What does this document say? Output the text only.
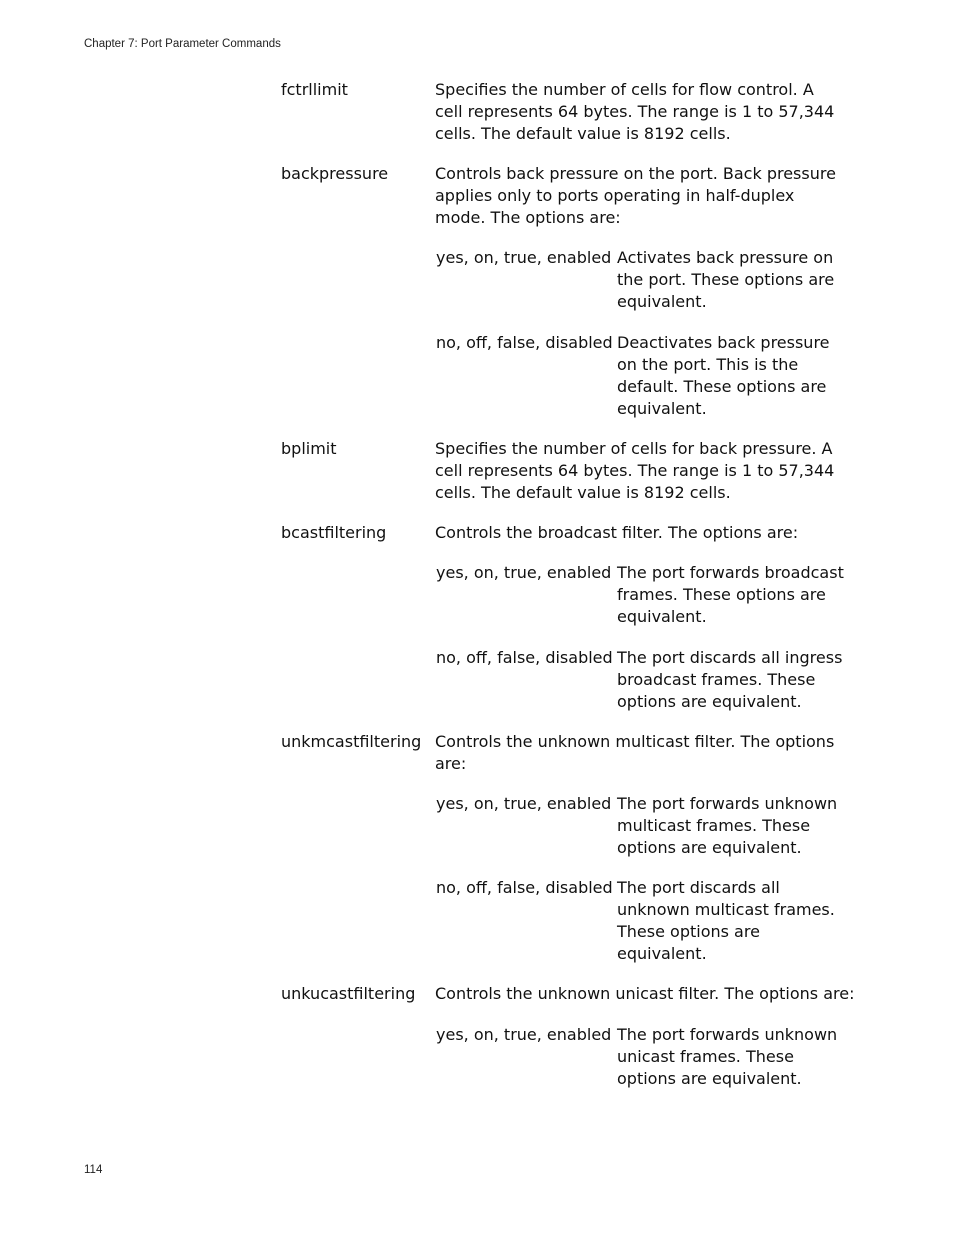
Chapter 7: Port Parameter Commands
fctrllimit	Specifies the number of cells for flow control. A cell represents 64 bytes. The range is 1 to 57,344 cells. The default value is 8192 cells.
backpressure	Controls back pressure on the port. Back pressure applies only to ports operating in half-duplex mode. The options are:
yes, on, true, enabled Activates back pressure on the port. These options are equivalent.
no, off, false, disabled Deactivates back pressure on the port. This is the default. These options are equivalent.
bplimit	Specifies the number of cells for back pressure. A cell represents 64 bytes. The range is 1 to 57,344 cells. The default value is 8192 cells.
bcastfiltering	Controls the broadcast filter. The options are:
yes, on, true, enabled The port forwards broadcast frames. These options are equivalent.
no, off, false, disabled The port discards all ingress broadcast frames. These options are equivalent.
unkmcastfiltering Controls the unknown multicast filter. The options are:
yes, on, true, enabled The port forwards unknown multicast frames. These options are equivalent.
no, off, false, disabled The port discards all unknown multicast frames. These options are equivalent.
unkucastfiltering Controls the unknown unicast filter. The options are:
yes, on, true, enabled The port forwards unknown unicast frames. These options are equivalent.
114
